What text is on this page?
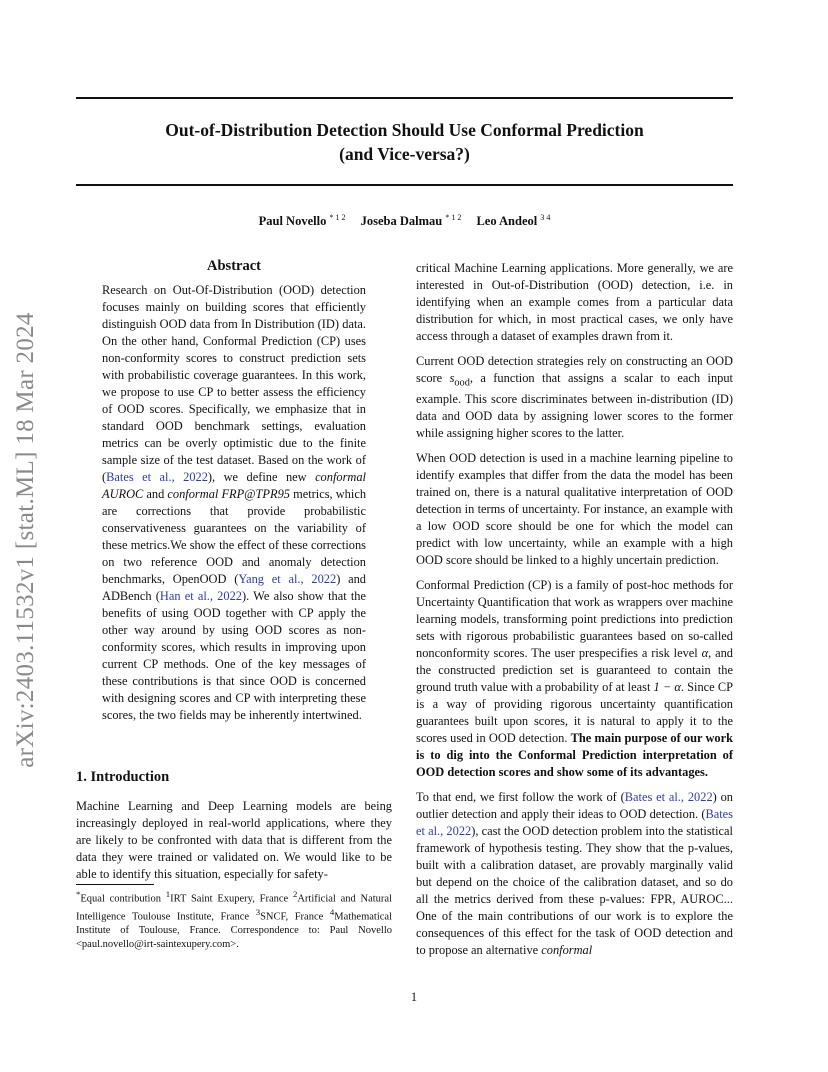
arXiv:2403.11532v1 [stat.ML] 18 Mar 2024
Out-of-Distribution Detection Should Use Conformal Prediction
(and Vice-versa?)
Paul Novello $^{* 1 2}$ Joseba Dalmau $^{* 1 2}$ Leo Andeol $^{3 4}$
Abstract

Research on Out-Of-Distribution (OOD) detection focuses mainly on building scores that efficiently distinguish OOD data from In Distribution (ID) data. On the other hand, Conformal Prediction (CP) uses non-conformity scores to construct prediction sets with probabilistic coverage guarantees. In this work, we propose to use CP to better assess the efficiency of OOD scores. Specifically, we emphasize that in standard OOD benchmark settings, evaluation metrics can be overly optimistic due to the finite sample size of the test dataset. Based on the work of (Bates et al., 2022), we define new conformal AUROC and conformal FRP@TPR95 metrics, which are corrections that provide probabilistic conservativeness guarantees on the variability of these metrics.We show the effect of these corrections on two reference OOD and anomaly detection benchmarks, OpenOOD (Yang et al., 2022) and ADBench (Han et al., 2022). We also show that the benefits of using OOD together with CP apply the other way around by using OOD scores as non-conformity scores, which results in improving upon current CP methods. One of the key messages of these contributions is that since OOD is concerned with designing scores and CP with interpreting these scores, the two fields may be inherently intertwined.

1. Introduction

Machine Learning and Deep Learning models are being increasingly deployed in real-world applications, where they are likely to be confronted with data that is different from the data they were trained or validated on. We would like to be able to identify this situation, especially for safety-

*Equal contribution $^1$IRT Saint Exupery, France $^2$Artificial and Natural Intelligence Toulouse Institute, France $^3$SNCF, France $^4$Mathematical Institute of Toulouse, France. Correspondence to: Paul Novello <paul.novello@irt-saintexupery.com>.

critical Machine Learning applications. More generally, we are interested in Out-of-Distribution (OOD) detection, i.e. in identifying when an example comes from a particular data distribution for which, in most practical cases, we only have access through a dataset of examples drawn from it.

Current OOD detection strategies rely on constructing an OOD score $s_{ood}$, a function that assigns a scalar to each input example. This score discriminates between in-distribution (ID) data and OOD data by assigning lower scores to the former while assigning higher scores to the latter.

When OOD detection is used in a machine learning pipeline to identify examples that differ from the data the model has been trained on, there is a natural qualitative interpretation of OOD detection in terms of uncertainty. For instance, an example with a low OOD score should be one for which the model can predict with low uncertainty, while an example with a high OOD score should be linked to a highly uncertain prediction.

Conformal Prediction (CP) is a family of post-hoc methods for Uncertainty Quantification that work as wrappers over machine learning models, transforming point predictions into prediction sets with rigorous probabilistic guarantees based on so-called nonconformity scores. The user prespecifies a risk level α, and the constructed prediction set is guaranteed to contain the ground truth value with a probability of at least 1 − α. Since CP is a way of providing rigorous uncertainty quantification guarantees built upon scores, it is natural to apply it to the scores used in OOD detection. The main purpose of our work is to dig into the Conformal Prediction interpretation of OOD detection scores and show some of its advantages.

To that end, we first follow the work of (Bates et al., 2022) on outlier detection and apply their ideas to OOD detection. (Bates et al., 2022), cast the OOD detection problem into the statistical framework of hypothesis testing. They show that the p-values, built with a calibration dataset, are provably marginally valid but depend on the choice of the calibration dataset, and so do all the metrics derived from these p-values: FPR, AUROC... One of the main contributions of our work is to explore the consequences of this effect for the task of OOD detection and to propose an alternative conformal

1
